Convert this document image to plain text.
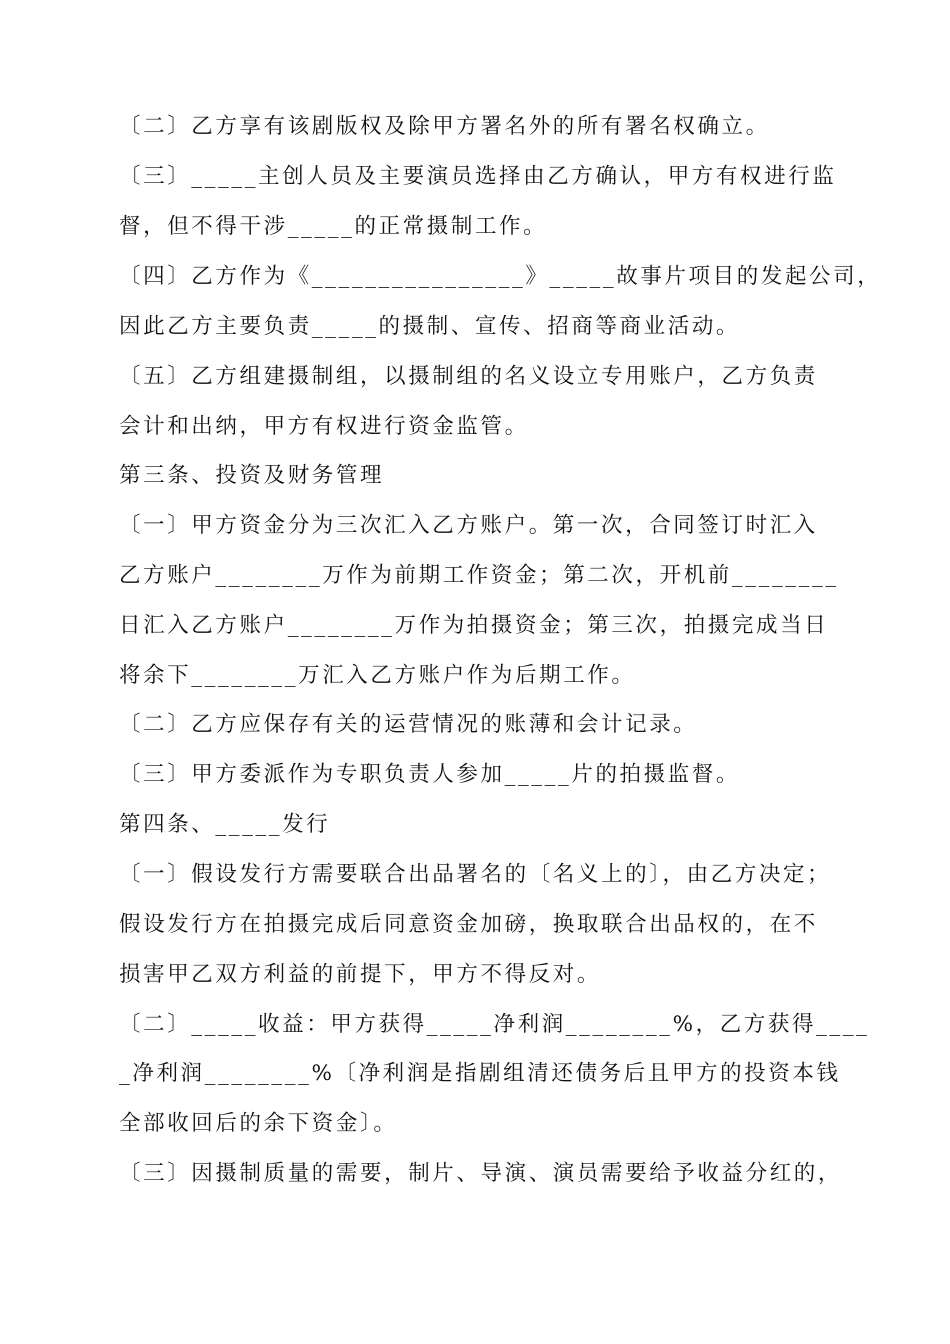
〔二〕乙方享有该剧版权及除甲方署名外的所有署名权确立。
〔三〕_____主创人员及主要演员选择由乙方确认，甲方有权进行监
督，但不得干涉_____的正常摄制工作。
〔四〕乙方作为《________________》_____故事片项目的发起公司，
因此乙方主要负责_____的摄制、宣传、招商等商业活动。
〔五〕乙方组建摄制组，以摄制组的名义设立专用账户，乙方负责
会计和出纳，甲方有权进行资金监管。
第三条、投资及财务管理
〔一〕甲方资金分为三次汇入乙方账户。第一次，合同签订时汇入
乙方账户________万作为前期工作资金；第二次，开机前________
日汇入乙方账户________万作为拍摄资金；第三次，拍摄完成当日
将余下________万汇入乙方账户作为后期工作。
〔二〕乙方应保存有关的运营情况的账薄和会计记录。
〔三〕甲方委派作为专职负责人参加_____片的拍摄监督。
第四条、_____发行
〔一〕假设发行方需要联合出品署名的〔名义上的〕，由乙方决定；
假设发行方在拍摄完成后同意资金加磅，换取联合出品权的，在不
损害甲乙双方利益的前提下，甲方不得反对。
〔二〕_____收益：甲方获得_____净利润________%，乙方获得____
_净利润________%〔净利润是指剧组清还债务后且甲方的投资本钱
全部收回后的余下资金〕。
〔三〕因摄制质量的需要，制片、导演、演员需要给予收益分红的，
